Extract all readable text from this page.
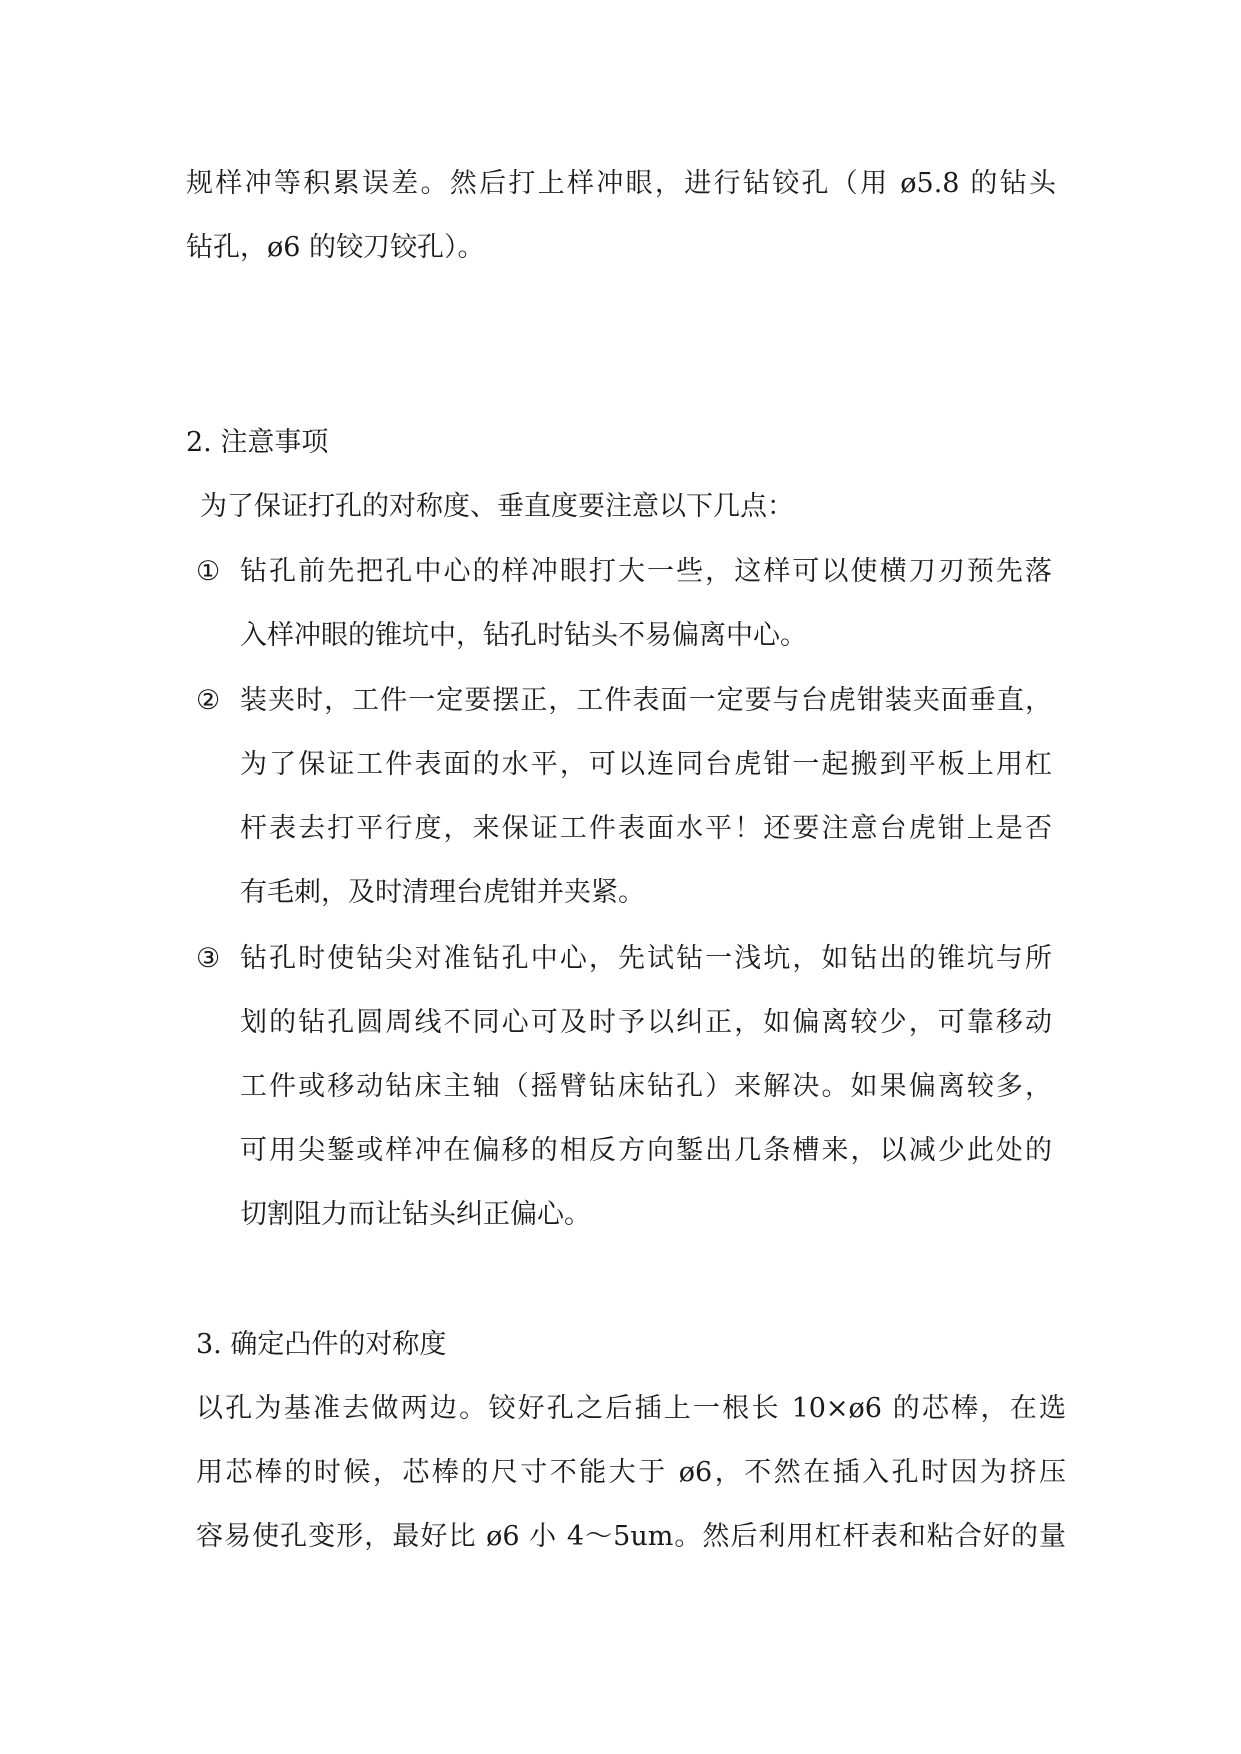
规样冲等积累误差。然后打上样冲眼，进行钻铰孔（用 ø5.8 的钻头
钻孔，ø6 的铰刀铰孔）。
2. 注意事项
为了保证打孔的对称度、垂直度要注意以下几点：
① 钻孔前先把孔中心的样冲眼打大一些，这样可以使横刀刃预先落
入样冲眼的锥坑中，钻孔时钻头不易偏离中心。
② 装夹时，工件一定要摆正，工件表面一定要与台虎钳装夹面垂直，
为了保证工件表面的水平，可以连同台虎钳一起搬到平板上用杠
杆表去打平行度，来保证工件表面水平！还要注意台虎钳上是否
有毛刺，及时清理台虎钳并夹紧。
③ 钻孔时使钻尖对准钻孔中心，先试钻一浅坑，如钻出的锥坑与所
划的钻孔圆周线不同心可及时予以纠正，如偏离较少，可靠移动
工件或移动钻床主轴（摇臂钻床钻孔）来解决。如果偏离较多，
可用尖錾或样冲在偏移的相反方向錾出几条槽来，以减少此处的
切割阻力而让钻头纠正偏心。
3. 确定凸件的对称度
以孔为基准去做两边。铰好孔之后插上一根长 10×ø6 的芯棒，在选
用芯棒的时候，芯棒的尺寸不能大于 ø6，不然在插入孔时因为挤压
容易使孔变形，最好比 ø6 小 4～5um。然后利用杠杆表和粘合好的量
